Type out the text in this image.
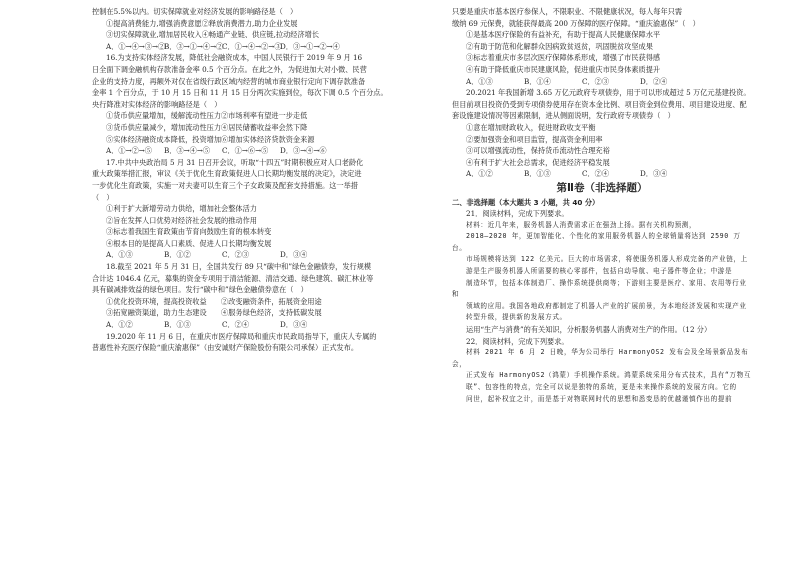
控制在5.5%以内。切实保障就业对经济发展的影响路径是（　）

①提高消费能力,增强消费意愿②释放消费潜力,助力企业发展

③切实保障就业,增加居民收入④畅通产业链、供应链,拉动经济增长

A．①→④→③→②B．③→①→④→②C．①→④→②→③D．③→①→②→④

16.为支持实体经济发展，降低社会融资成本，中国人民银行于 2019 年 9 月 16

日全面下调金融机构存款准备金率 0.5 个百分点。在此之外，为促进加大对小微、民营

企业的支持力度，再额外对仅在省级行政区域内经营的城市商业银行定向下调存款准备

金率 1 个百分点，于 10 月 15 日和 11 月 15 日分两次实施到位，每次下调 0.5 个百分点。

央行降准对实体经济的影响路径是（　）

①货币供应量增加，缓解流动性压力②市场利率有望进一步走低

③货币供应量减少，增加流动性压力④居民储蓄收益率会然下降

⑤实体经济融资成本降低，投资增加⑥增加实体经济贷款资金来源

A．①→②→⑤ B．③→④→⑤ C．①→⑥→⑤ D．③→④→⑥

17.中共中央政治局 5 月 31 日召开会议，听取“十四五”时期积极应对人口老龄化

重大政策举措汇报，审议《关于优化生育政策促进人口长期均衡发展的决定》，决定进

一步优化生育政策，实施一对夫妻可以生育三个子女政策及配套支持措施。这一举措

（　）

①利于扩大新增劳动力供给，增加社会整体活力

②旨在发挥人口优势对经济社会发展的推动作用

③标志着我国生育政策由节育向鼓励生育的根本转变

④根本目的是提高人口素质、促进人口长期均衡发展

A．①③	B．①②	C．②③	D．③④

18.截至 2021 年 5 月 31 日，全国共发行 89 只“碳中和”绿色金融债券，发行规模

合计达 1046.4 亿元，募集的资金专项用于清洁能源、清洁交通、绿色建筑、碳汇林业等

具有碳减排效益的绿色项目。发行“碳中和”绿色金融债券意在（　）

①优化投资环境，提高投资收益　　②改变融资条件，拓展资金用途

③拓宽融资渠道，助力生态建设　　④服务绿色经济，支持低碳发展

A．①②	B．①③	C．②④	D．③④

19.2020 年 11 月 6 日，在重庆市医疗保障局和重庆市民政局指导下，重庆人专属的

普惠性补充医疗保险“重庆渝惠保”（由安诚财产保险股份有限公司承保）正式发布。

只要是重庆市基本医疗参保人，不限职业、不限健康状况，每人每年只需

缴纳 69 元保费，就能获得最高 200 万保障的医疗保障。“重庆渝惠保”（　）

①是基本医疗保险的有益补充，有助于提高人民健康保障水平

②有助于防范和化解群众因病致贫返贫，巩固脱贫攻坚成果

③标志着重庆市多层次医疗保障体系形成，增强了市民获得感

④有助于降低重庆市民建康风险，促进重庆市民身体素质提升

A．①③	B．①④	C．②③	D．②④

20.2021 年我国新增 3.65 万亿元政府专项债券，用于可以形成超过 5 万亿元基建投资。

但目前项目投资仍受到专项债券使用存在资本金比例、项目资金到位费用、项目建设进度、配

套设施建设情况等因素限制，进从侧面说明，发行政府专项债券（　）

①意在增加财政收入，促进财政收支平衡

②要加强资金和项目监管，提高资金利用率

③可以增强流动性，保持货币流动性合理充裕

④有利于扩大社会总需求，促进经济平稳发展

A．①②	B．①③	C．②④	D．③④

第Ⅱ卷（非选择题）

二、非选择题（本大题共 3 小题，共 40 分）

21．阅读材料，完成下列要求。

材料：近几年来，服务机器人消费需求正在强劲上扬。据有关机构预测，

2018—2020 年，更加智能化、个性化的家用服务机器人的全球销量将达到 2590 万台。

市场规模将达到 122 亿美元。巨大的市场需求，将使服务机器人形成完备的产业链，上

游是生产服务机器人所需要的核心零部件，包括自动导航、电子器件等企业；中游是

制造环节，包括本体制造厂、操作系统提供商等；下游则主要是医疗、家用、农用等行业和

领域的应用。我国各地政府都制定了机器人产业的扩展前景，为本地经济发展和实现产业

转型升级，提供新的发展方式。

运用“生产与消费”的有关知识，分析服务机器人消费对生产的作用。（12 分）

22．阅读材料，完成下列要求。

材料 2021 年 6 月 2 日晚，华为公司举行 HarmonyOS2 发布会及全场景新品发布会，

正式发布 HarmonyOS2（鸿蒙）手机操作系统。鸿蒙系统采用分布式技术，具有“万物互

联”、包容性的特点，完全可以说是独特的系统，更是未来操作系统的发展方向。它的

问世，起补权宜之计，而是基于对物联网时代的思想和悉变恳的优越谨慎作出的提前
